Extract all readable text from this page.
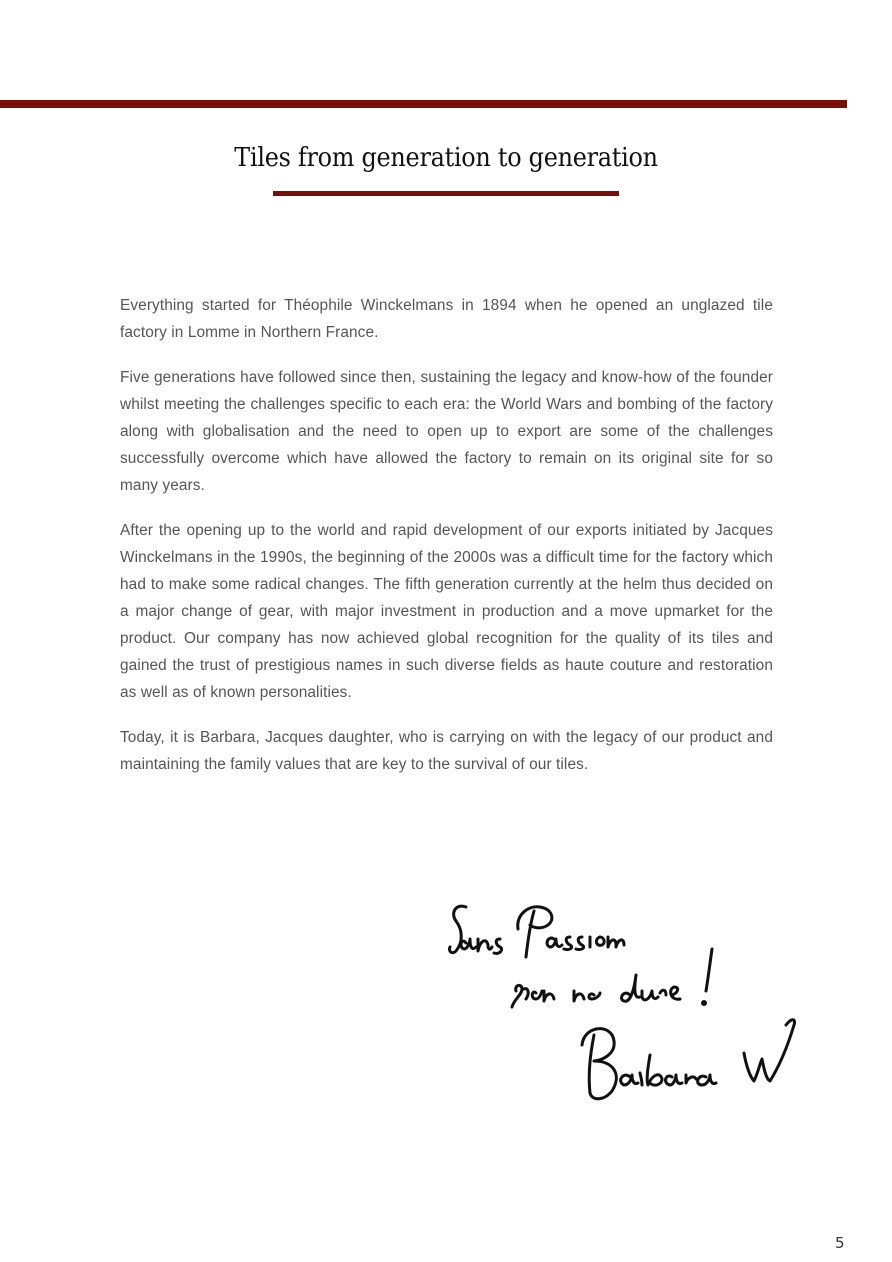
Tiles from generation to generation

Everything started for Théophile Winckelmans in 1894 when he opened an unglazed tile factory in Lomme in Northern France.

Five generations have followed since then, sustaining the legacy and know-how of the founder whilst meeting the challenges specific to each era: the World Wars and bombing of the factory along with globalisation and the need to open up to export are some of the challenges successfully overcome which have allowed the factory to remain on its original site for so many years.

After the opening up to the world and rapid development of our exports initiated by Jacques Winckelmans in the 1990s, the beginning of the 2000s was a difficult time for the factory which had to make some radical changes. The fifth generation currently at the helm thus decided on a major change of gear, with major investment in production and a move upmarket for the product. Our company has now achieved global recognition for the quality of its tiles and gained the trust of prestigious names in such diverse fields as haute couture and restoration as well as of known personalities.

Today, it is Barbara, Jacques daughter, who is carrying on with the legacy of our product and maintaining the family values that are key to the survival of our tiles.

5
